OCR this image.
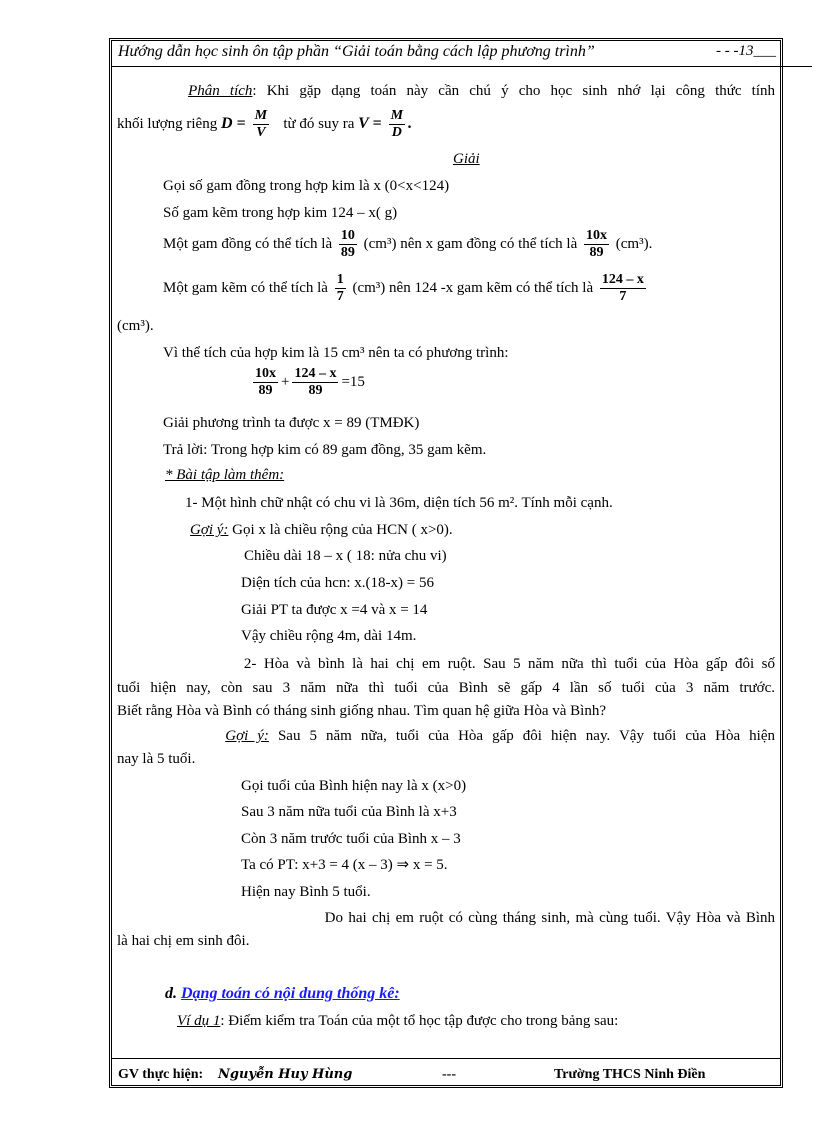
Hướng dẫn học sinh ôn tập phần “Giải toán bằng cách lập phương trình”	- - -13___
Phân tích: Khi gặp dạng toán này cần chú ý cho học sinh nhớ lại công thức tính
khối lượng riêng $D = \frac{M}{V}$ từ đó suy ra $V = \frac{M}{D}$ .
Giải
Gọi số gam đồng trong hợp kim là x (0<x<124)
Số gam kẽm trong hợp kim 124 – x( g)
Một gam đồng có thể tích là $\frac{10}{89} (cm^3)$ nên x gam đồng có thể tích là $\frac{10x}{89} (cm^3)$.
Một gam kẽm có thể tích là $\frac{1}{7} (cm^3)$ nên 124 -x gam kẽm có thể tích là $\frac{124 - x}{7}$
(cm³).
Vì thể tích của hợp kim là 15 cm³ nên ta có phương trình:
$\frac{10x}{89} + \frac{124 - x}{89} =15$
Giải phương trình ta được x = 89 (TMĐK)
Trả lời: Trong hợp kim có 89 gam đồng, 35 gam kẽm.
* Bài tập làm thêm:
1- Một hình chữ nhật có chu vi là 36m, diện tích 56 m². Tính mỗi cạnh.
Gợi ý: Gọi x là chiều rộng của HCN ( x>0).
Chiều dài 18 – x ( 18: nửa chu vi)
Diện tích của hcn: x.(18-x) = 56
Giải PT ta được x =4 và x = 14
Vậy chiều rộng 4m, dài 14m.
2- Hòa và bình là hai chị em ruột. Sau 5 năm nữa thì tuổi của Hòa gấp đôi số
tuổi hiện nay, còn sau 3 năm nữa thì tuổi của Bình sẽ gấp 4 lần số tuổi của 3 năm trước.
Biết rằng Hòa và Bình có tháng sinh giống nhau. Tìm quan hệ giữa Hòa và Bình?
Gợi ý: Sau 5 năm nữa, tuổi của Hòa gấp đôi hiện nay. Vậy tuổi của Hòa hiện
nay là 5 tuổi.
Gọi tuổi của Bình hiện nay là x (x>0)
Sau 3 năm nữa tuổi của Bình là x+3
Còn 3 năm trước tuổi của Bình x – 3
Ta có PT: x+3 = 4 (x – 3) ⇒ x = 5.
Hiện nay Bình 5 tuổi.
Do hai chị em ruột có cùng tháng sinh, mà cùng tuổi. Vậy Hòa và Bình
là hai chị em sinh đôi.
d. Dạng toán có nội dung thống kê:
Ví dụ 1: Điểm kiểm tra Toán của một tổ học tập được cho trong bảng sau:
GV thực hiện: Nguyễn Huy Hùng	---	Trường THCS Ninh Điền
